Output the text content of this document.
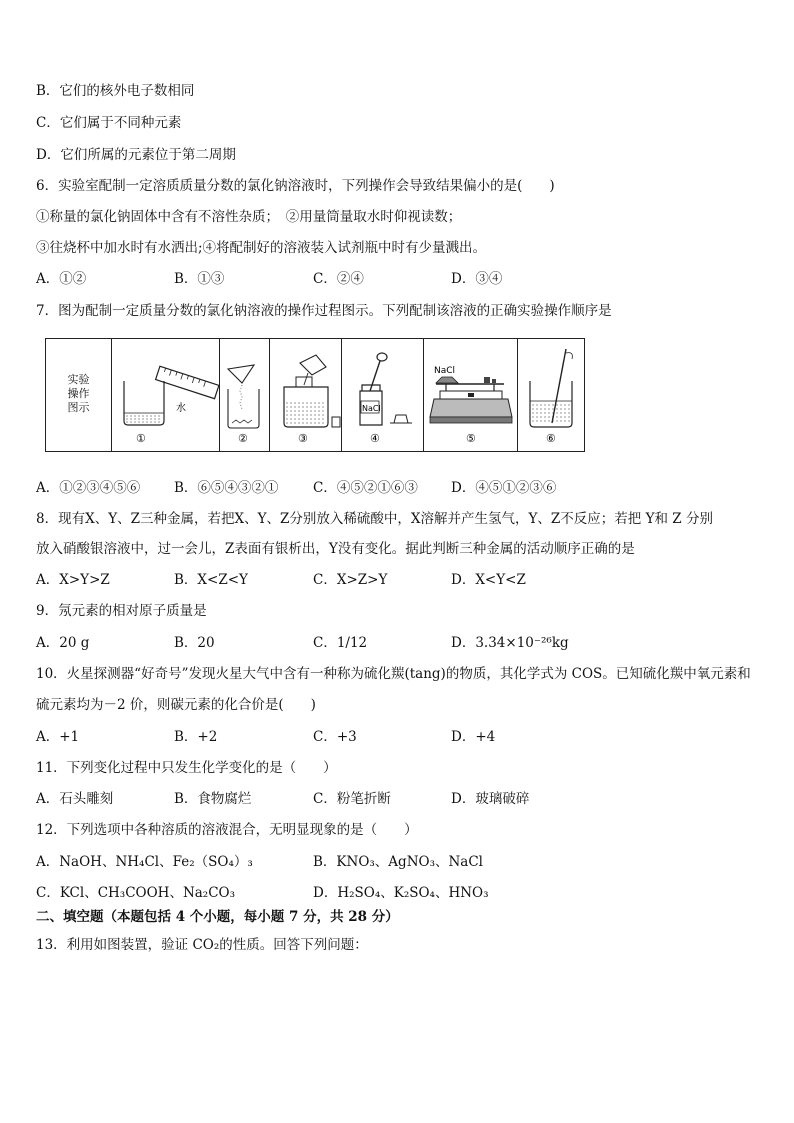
B．它们的核外电子数相同
C．它们属于不同种元素
D．它们所属的元素位于第二周期
6．实验室配制一定溶质质量分数的氯化钠溶液时，下列操作会导致结果偏小的是(　　)
①称量的氯化钠固体中含有不溶性杂质；　②用量筒量取水时仰视读数；
③往烧杯中加水时有水洒出;④将配制好的溶液装入试剂瓶中时有少量溅出。
A．①②	B．①③	C．②④	D．③④
7．图为配制一定质量分数的氯化钠溶液的操作过程图示。下列配制该溶液的正确实验操作顺序是
实验
操作
图示	水
①	②	③
NaCl
④
NaCl
⑤	⑥
A．①②③④⑤⑥	B．⑥⑤④③②①	C．④⑤②①⑥③ D．④⑤①②③⑥
8．现有X、Y、Z三种金属，若把X、Y、Z分别放入稀硫酸中，X溶解并产生氢气，Y、Z不反应；若把 Y和 Z 分别
放入硝酸银溶液中，过一会儿，Z表面有银析出，Y没有变化。据此判断三种金属的活动顺序正确的是
A．X>Y>Z	B．X<Z<Y	C．X>Z>Y	D．X<Y<Z
9．氖元素的相对原子质量是
A．20 g	B．20	C．1/12	D．3.34×10⁻²⁶kg
10．火星探测器“好奇号”发现火星大气中含有一种称为硫化羰(tang)的物质，其化学式为 COS。已知硫化羰中氧元素和
硫元素均为－2 价，则碳元素的化合价是(　　)
A．+1	B．+2	C．+3	D．+4
11．下列变化过程中只发生化学变化的是（　　）
A．石头雕刻	B．食物腐烂	C．粉笔折断	D．玻璃破碎
12．下列选项中各种溶质的溶液混合，无明显现象的是（　　）
A．NaOH、NH₄Cl、Fe₂（SO₄）₃	B．KNO₃、AgNO₃、NaCl
C．KCl、CH₃COOH、Na₂CO₃	D．H₂SO₄、K₂SO₄、HNO₃
二、填空题（本题包括 4 个小题，每小题 7 分，共 28 分）
13．利用如图装置，验证 CO₂的性质。回答下列问题：
